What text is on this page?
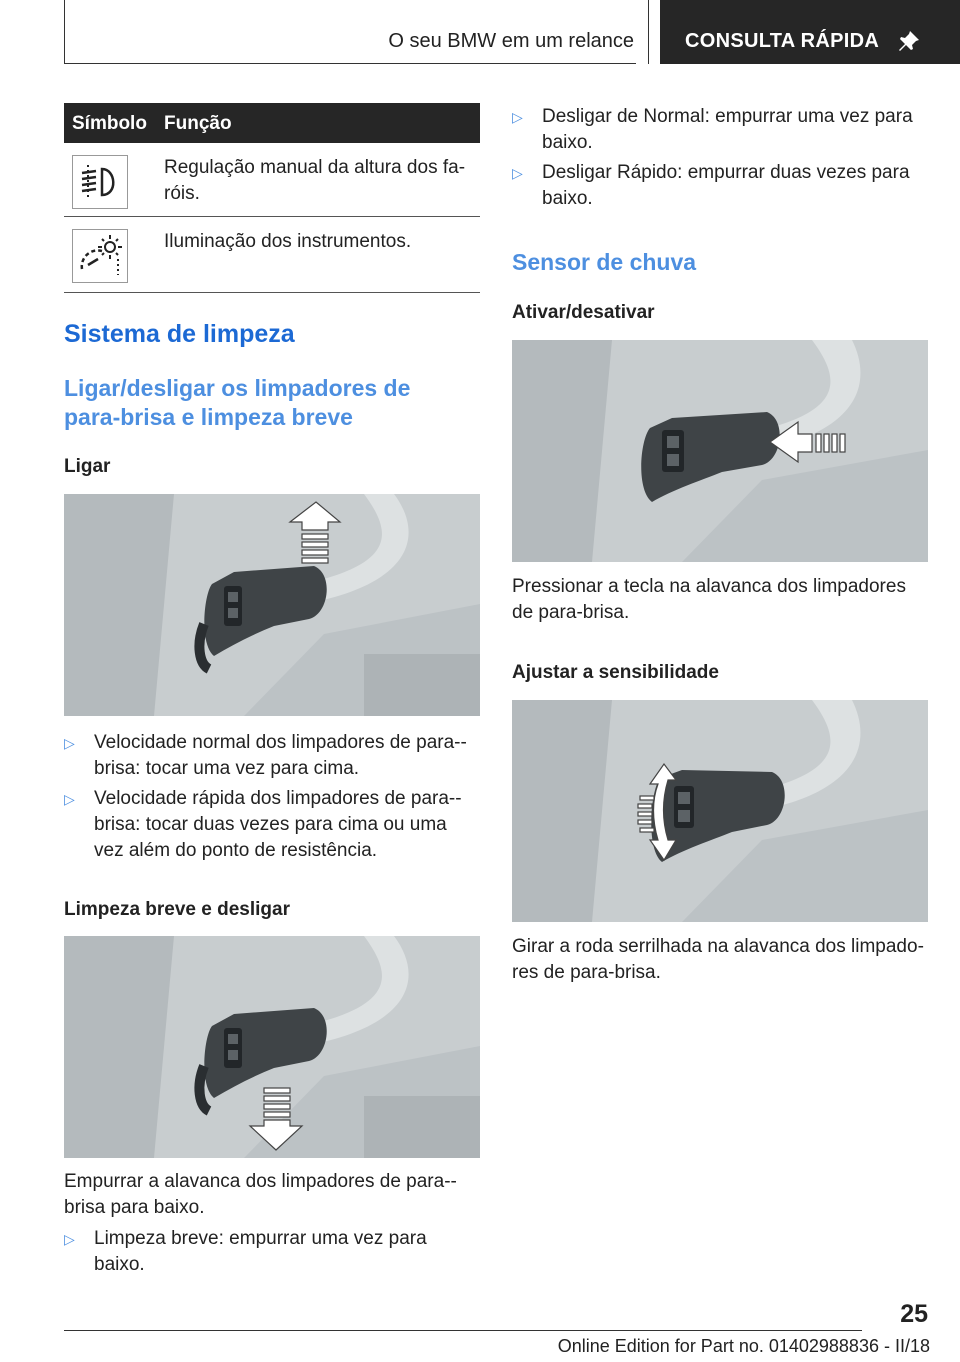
O seu BMW em um relance	CONSULTA RÁPIDA
Símbolo Função
Regulação manual da altura dos faróis.
Iluminação dos instrumentos.
Sistema de limpeza
Ligar/desligar os limpadores de para-brisa e limpeza breve
Ligar
▷ Velocidade normal dos limpadores de para--brisa: tocar uma vez para cima.
▷ Velocidade rápida dos limpadores de para--brisa: tocar duas vezes para cima ou uma vez além do ponto de resistência.
Limpeza breve e desligar
Empurrar a alavanca dos limpadores de para--brisa para baixo.
▷ Limpeza breve: empurrar uma vez para baixo.
▷ Desligar de Normal: empurrar uma vez para baixo.
▷ Desligar Rápido: empurrar duas vezes para baixo.
Sensor de chuva
Ativar/desativar
Pressionar a tecla na alavanca dos limpadores de para-brisa.
Ajustar a sensibilidade
Girar a roda serrilhada na alavanca dos limpadores de para-brisa.
25
Online Edition for Part no. 01402988836 - II/18
